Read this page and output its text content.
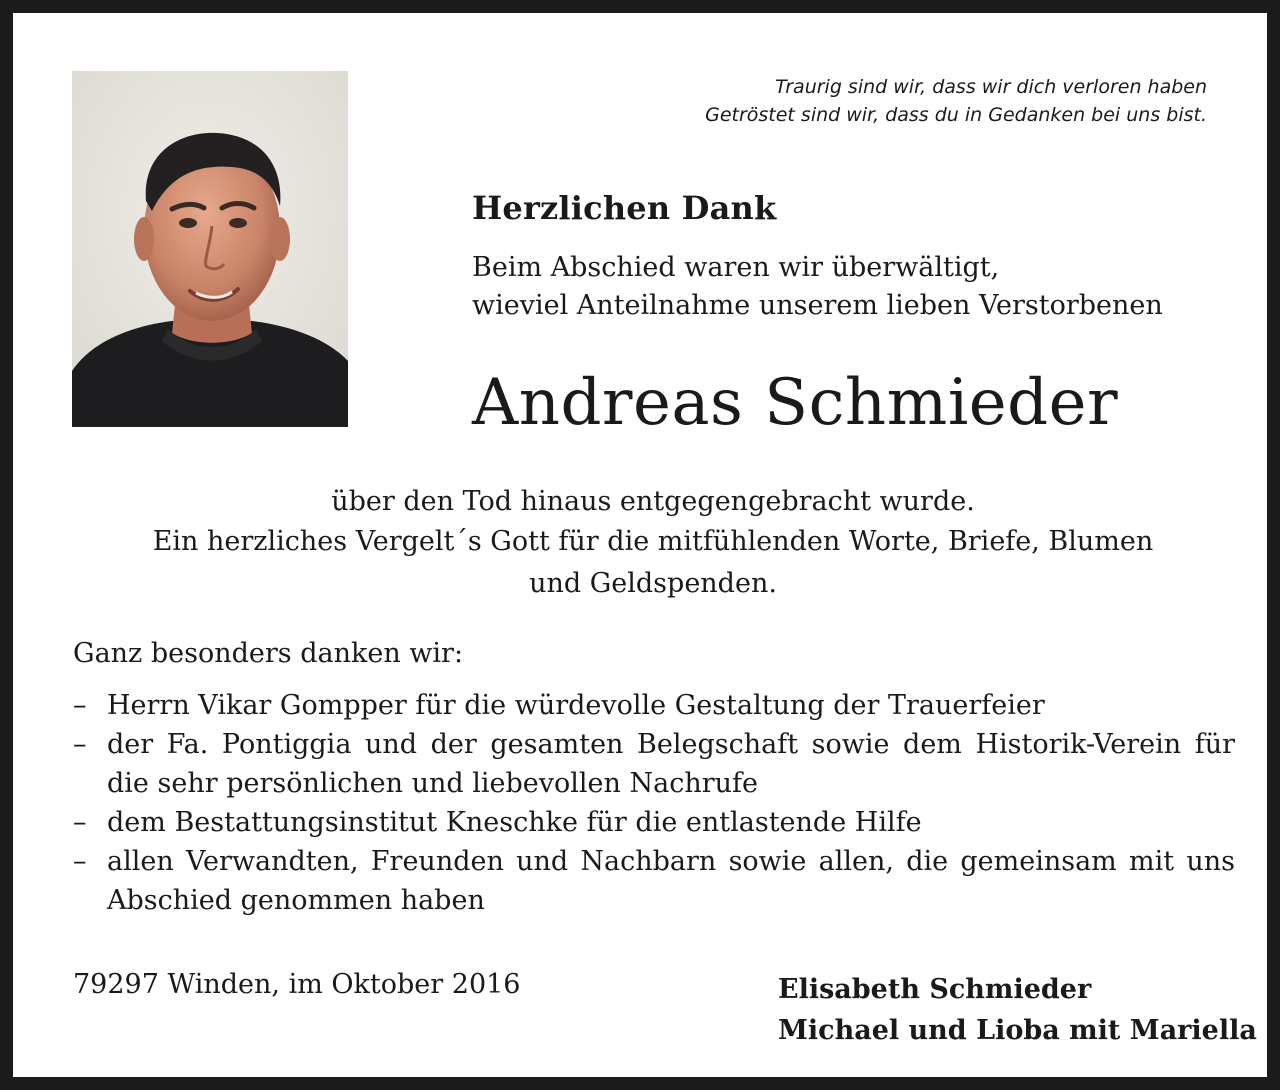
Traurig sind wir, dass wir dich verloren haben
Getröstet sind wir, dass du in Gedanken bei uns bist.
Herzlichen Dank
Beim Abschied waren wir überwältigt,
wieviel Anteilnahme unserem lieben Verstorbenen
Andreas Schmieder
über den Tod hinaus entgegengebracht wurde.
Ein herzliches Vergelt´s Gott für die mitfühlenden Worte, Briefe, Blumen
und Geldspenden.

Ganz besonders danken wir:

– Herrn Vikar Gompper für die würdevolle Gestaltung der Trauerfeier
– der Fa. Pontiggia und der gesamten Belegschaft sowie dem Historik-Verein für die sehr persönlichen und liebevollen Nachrufe
– dem Bestattungsinstitut Kneschke für die entlastende Hilfe
– allen Verwandten, Freunden und Nachbarn sowie allen, die gemeinsam mit uns Abschied genommen haben
79297 Winden, im Oktober 2016	Elisabeth Schmieder
Michael und Lioba mit Mariella
